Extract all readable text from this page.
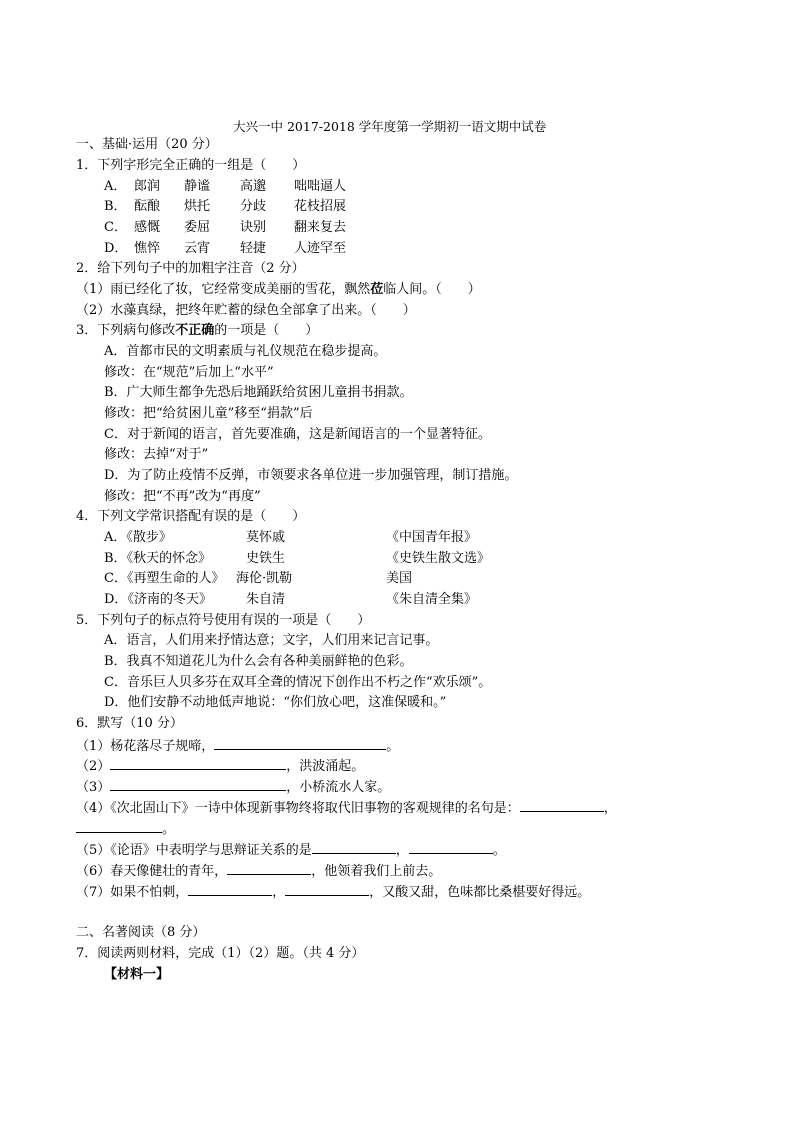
大兴一中 2017-2018 学年度第一学期初一语文期中试卷
一、基础·运用（20 分）
1．下列字形完全正确的一组是（　　）
A． 郎润 静谧 高邈 咄咄逼人
B． 酝酿 烘托 分歧 花枝招展
C． 感慨 委屈 诀别 翻来复去
D． 憔悴 云宵 轻捷 人迹罕至
2．给下列句子中的加粗字注音（2 分）
（1）雨已经化了妆，它经常变成美丽的雪花，飘然莅临人间。（　　）
（2）水藻真绿，把终年贮蓄的绿色全部拿了出来。（　　）
3．下列病句修改不正确的一项是（　　）
A．首都市民的文明素质与礼仪规范在稳步提高。
修改：在“规范”后加上“水平”
B．广大师生都争先恐后地踊跃给贫困儿童捐书捐款。
修改：把“给贫困儿童”移至“捐款”后
C．对于新闻的语言，首先要准确，这是新闻语言的一个显著特征。
修改：去掉“对于”
D．为了防止疫情不反弹，市领要求各单位进一步加强管理，制订措施。
修改：把“不再”改为“再度”
4．下列文学常识搭配有误的是（　　）
A．《散步》	莫怀戚	《中国青年报》
B．《秋天的怀念》	史铁生	《史铁生散文选》
C．《再塑生命的人》 海伦·凯勒	美国
D．《济南的冬天》	朱自清	《朱自清全集》
5．下列句子的标点符号使用有误的一项是（　　）
A．语言，人们用来抒情达意；文字，人们用来记言记事。
B．我真不知道花儿为什么会有各种美丽鲜艳的色彩。
C．音乐巨人贝多芬在双耳全聋的情况下创作出不朽之作“欢乐颂”。
D．他们安静不动地低声地说：“你们放心吧，这准保暖和。”
6．默写（10 分）
（1）杨花落尽子规啼，	。
（2）	，洪波涌起。
（3）	，小桥流水人家。
（4）《次北固山下》一诗中体现新事物终将取代旧事物的客观规律的名句是：	，
。
（5）《论语》中表明学与思辩证关系的是	，	。
（6）春天像健壮的青年，	，他领着我们上前去。
（7）如果不怕刺，	，	，又酸又甜，色味都比桑椹要好得远。
二、名著阅读（8 分）
7．阅读两则材料，完成（1）（2）题。（共 4 分）
【材料一】
